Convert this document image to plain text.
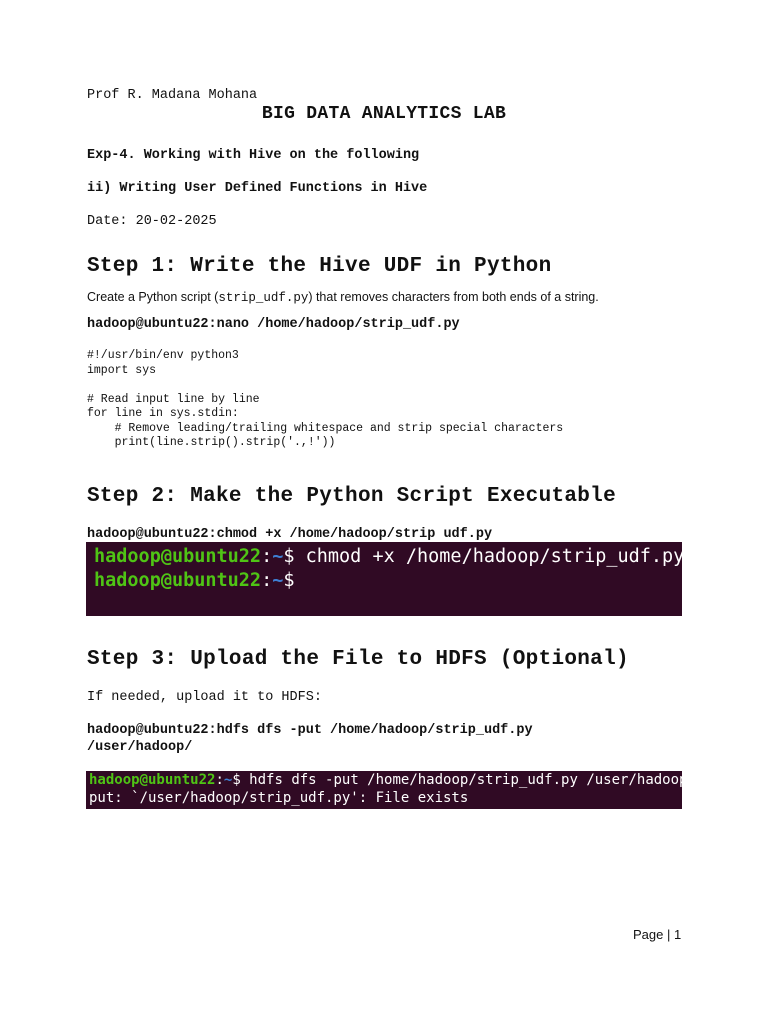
Prof R. Madana Mohana
BIG DATA ANALYTICS LAB
Exp-4. Working with Hive on the following
ii) Writing User Defined Functions in Hive
Date: 20-02-2025
Step 1: Write the Hive UDF in Python
Create a Python script (strip_udf.py) that removes characters from both ends of a string.
hadoop@ubuntu22:nano /home/hadoop/strip_udf.py
#!/usr/bin/env python3
import sys

# Read input line by line
for line in sys.stdin:
# Remove leading/trailing whitespace and strip special characters
print(line.strip().strip('.,!'))
Step 2: Make the Python Script Executable
hadoop@ubuntu22:chmod +x /home/hadoop/strip udf.py
hadoop@ubuntu22:~$ chmod +x /home/hadoop/strip_udf.py
hadoop@ubuntu22:~$
Step 3: Upload the File to HDFS (Optional)
If needed, upload it to HDFS:
hadoop@ubuntu22:hdfs dfs -put /home/hadoop/strip_udf.py
/user/hadoop/
hadoop@ubuntu22:~$ hdfs dfs -put /home/hadoop/strip_udf.py /user/hadoop/
put: `/user/hadoop/strip_udf.py': File exists
Page | 1
